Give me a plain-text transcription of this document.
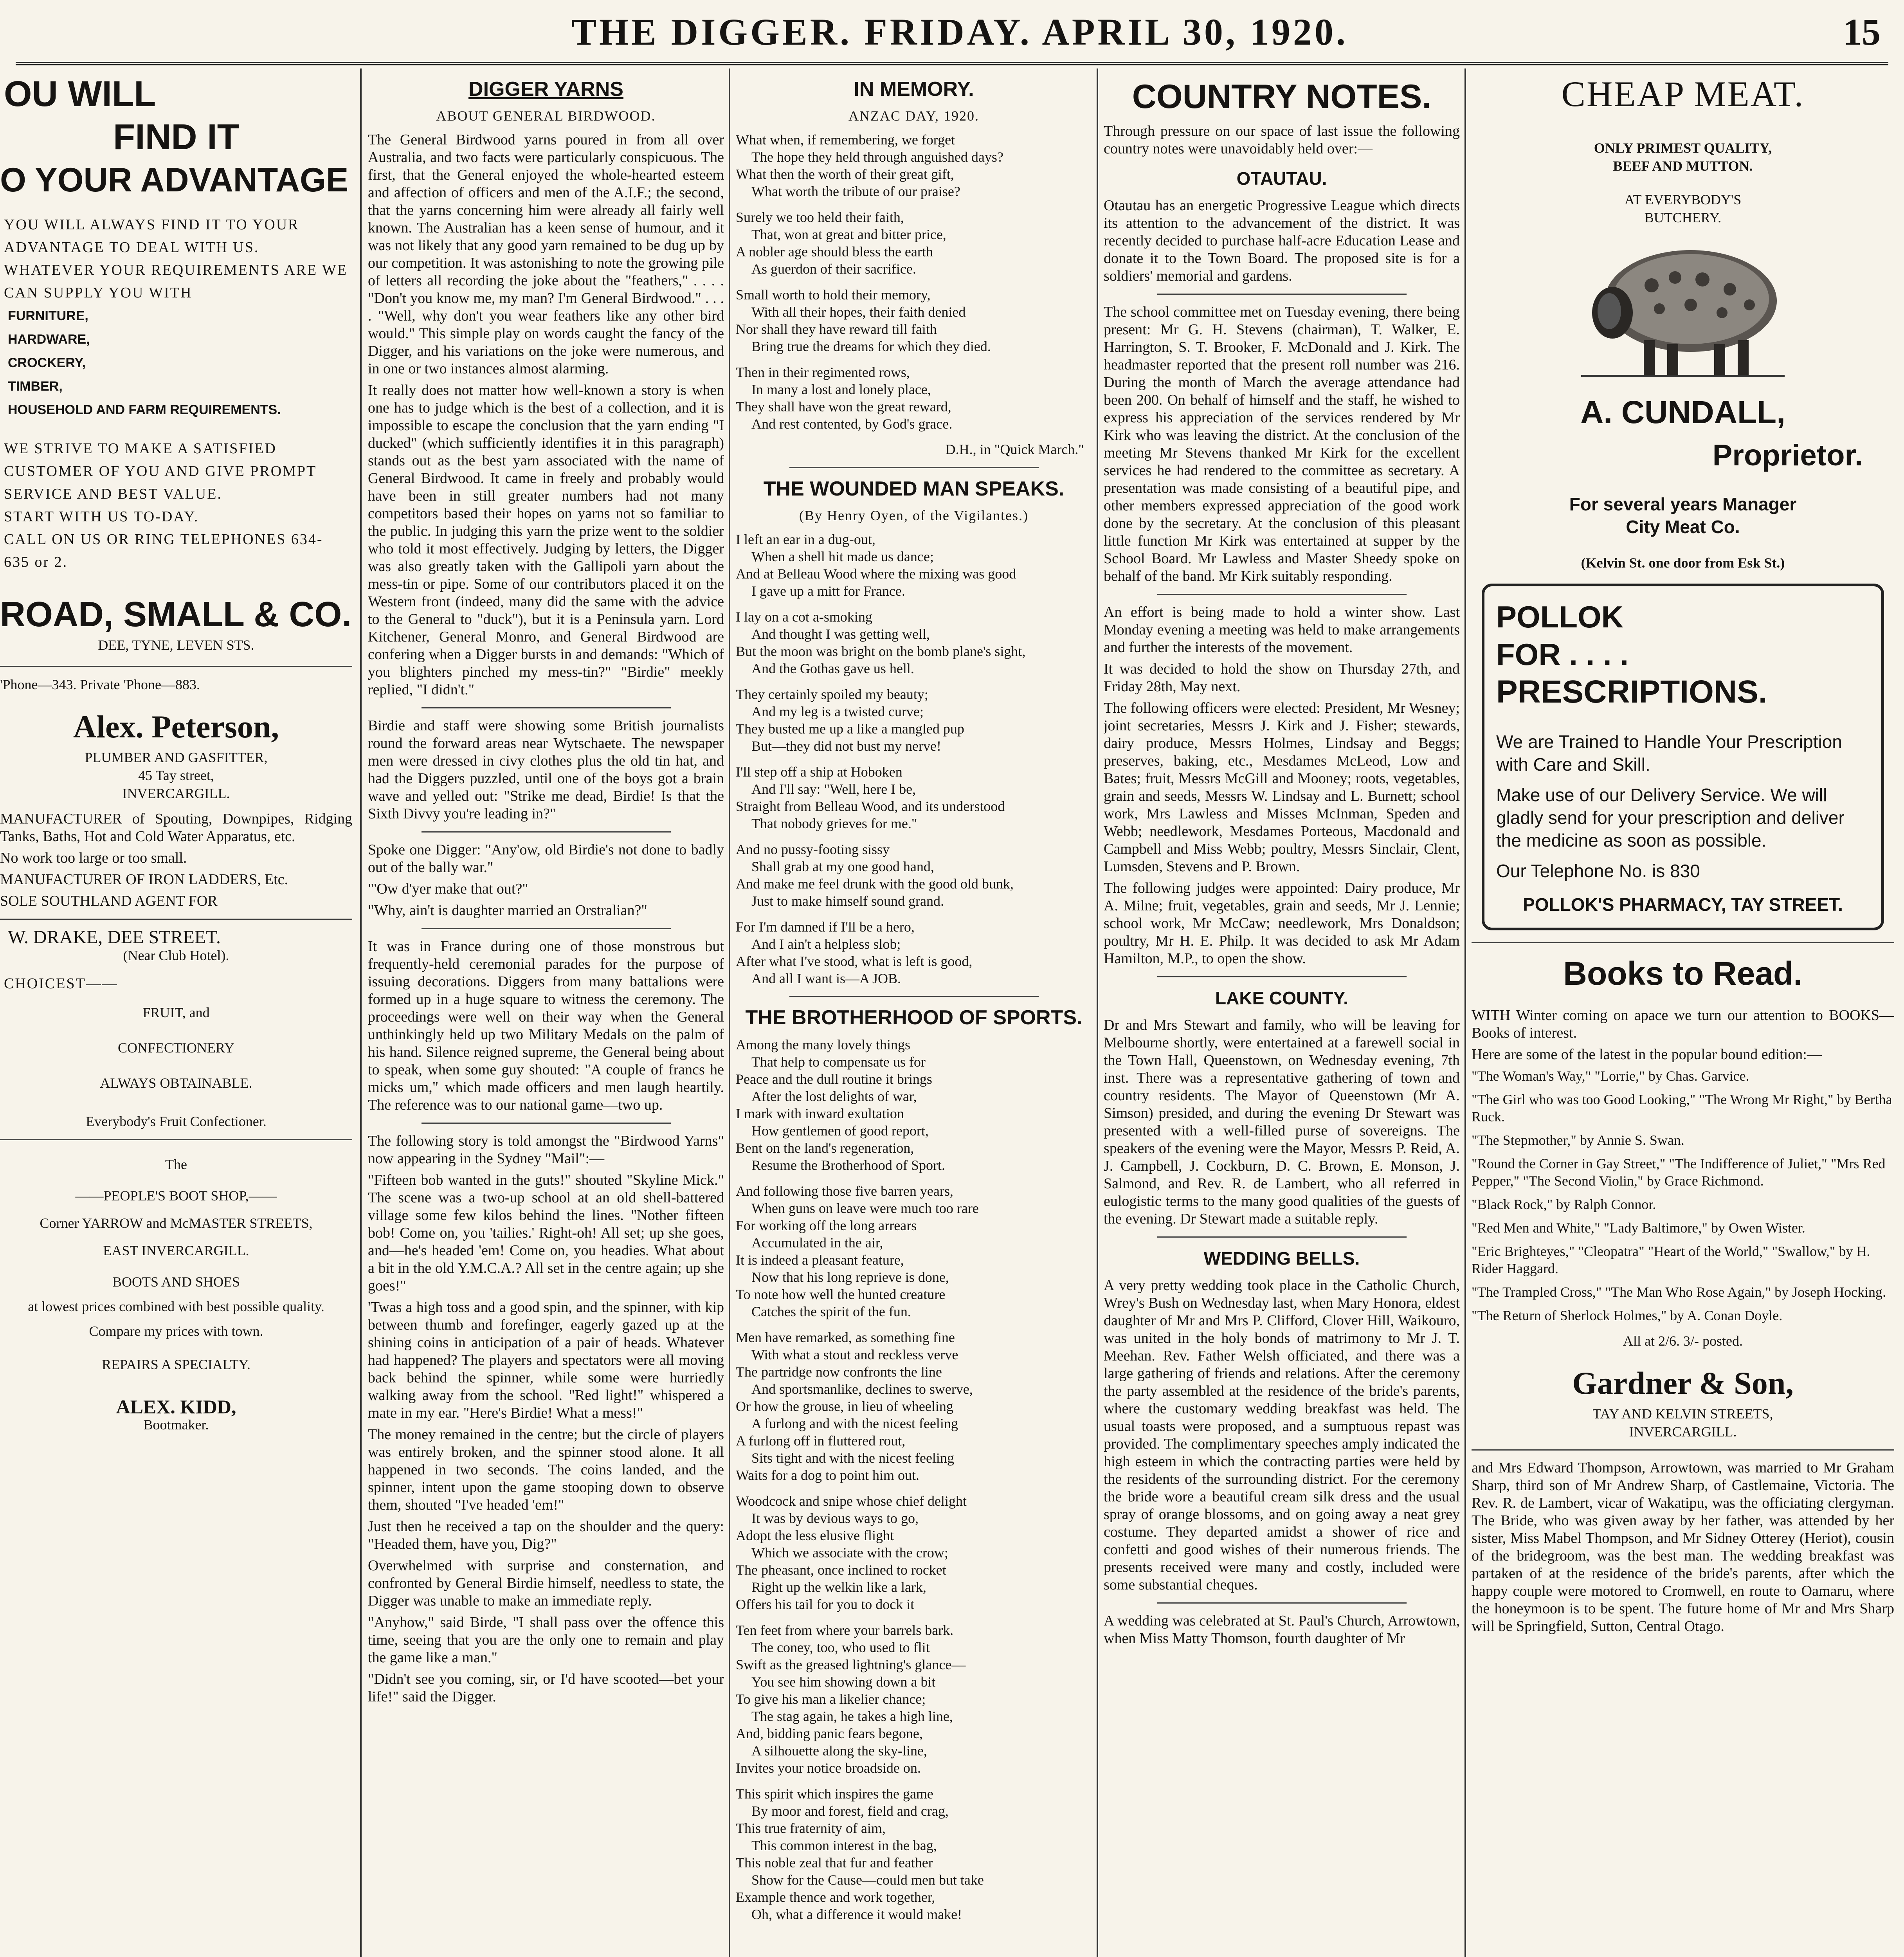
THE DIGGER. FRIDAY. APRIL 30, 1920.	15
OU WILL
FIND IT
O YOUR ADVANTAGE
YOU WILL ALWAYS FIND IT TO YOUR ADVANTAGE TO DEAL WITH US. WHATEVER YOUR REQUIREMENTS ARE WE CAN SUPPLY YOU WITH
FURNITURE,
HARDWARE,
CROCKERY,
TIMBER,
HOUSEHOLD AND FARM REQUIREMENTS.
WE STRIVE TO MAKE A SATISFIED CUSTOMER OF YOU AND GIVE PROMPT SERVICE AND BEST VALUE.
START WITH US TO-DAY.
CALL ON US OR RING TELEPHONES 634-635 or 2.
ROAD, SMALL & CO.
DEE, TYNE, LEVEN STS.
'Phone—343. Private 'Phone—883.
Alex. Peterson,
PLUMBER AND GASFITTER,
45 Tay street,
INVERCARGILL.

MANUFACTURER of Spouting, Downpipes, Ridging Tanks, Baths, Hot and Cold Water Apparatus, etc.

No work too large or too small.

MANUFACTURER OF IRON LADDERS, Etc.

SOLE SOUTHLAND AGENT FOR

W. DRAKE, DEE STREET.
(Near Club Hotel).
CHOICEST——
FRUIT, and
CONFECTIONERY
ALWAYS OBTAINABLE.
Everybody's Fruit Confectioner.
The
——PEOPLE'S BOOT SHOP,——
Corner YARROW and McMASTER STREETS,
EAST INVERCARGILL.
BOOTS AND SHOES
at lowest prices combined with best possible quality.
Compare my prices with town.
REPAIRS A SPECIALTY.
ALEX. KIDD,
Bootmaker.
DIGGER YARNS
ABOUT GENERAL BIRDWOOD.

The General Birdwood yarns poured in from all over Australia, and two facts were particularly conspicuous. The first, that the General enjoyed the whole-hearted esteem and affection of officers and men of the A.I.F.; the second, that the yarns concerning him were already all fairly well known. The Australian has a keen sense of humour, and it was not likely that any good yarn remained to be dug up by our competition. It was astonishing to note the growing pile of letters all recording the joke about the "feathers," . . . . "Don't you know me, my man? I'm General Birdwood." . . . . "Well, why don't you wear feathers like any other bird would." This simple play on words caught the fancy of the Digger, and his variations on the joke were numerous, and in one or two instances almost alarming.

It really does not matter how well-known a story is when one has to judge which is the best of a collection, and it is impossible to escape the conclusion that the yarn ending "I ducked" (which sufficiently identifies it in this paragraph) stands out as the best yarn associated with the name of General Birdwood. It came in freely and probably would have been in still greater numbers had not many competitors based their hopes on yarns not so familiar to the public. In judging this yarn the prize went to the soldier who told it most effectively. Judging by letters, the Digger was also greatly taken with the Gallipoli yarn about the mess-tin or pipe. Some of our contributors placed it on the Western front (indeed, many did the same with the advice to the General to "duck"), but it is a Peninsula yarn. Lord Kitchener, General Monro, and General Birdwood are confering when a Digger bursts in and demands: "Which of you blighters pinched my mess-tin?" "Birdie" meekly replied, "I didn't."

Birdie and staff were showing some British journalists round the forward areas near Wytschaete. The newspaper men were dressed in civy clothes plus the old tin hat, and had the Diggers puzzled, until one of the boys got a brain wave and yelled out: "Strike me dead, Birdie! Is that the Sixth Divvy you're leading in?"

Spoke one Digger: "Any'ow, old Birdie's not done to badly out of the bally war."

"'Ow d'yer make that out?"

"Why, ain't is daughter married an Orstralian?"

It was in France during one of those monstrous but frequently-held ceremonial parades for the purpose of issuing decorations. Diggers from many battalions were formed up in a huge square to witness the ceremony. The proceedings were well on their way when the General unthinkingly held up two Military Medals on the palm of his hand. Silence reigned supreme, the General being about to speak, when some guy shouted: "A couple of francs he micks um," which made officers and men laugh heartily. The reference was to our national game—two up.

The following story is told amongst the "Birdwood Yarns" now appearing in the Sydney "Mail":—

"Fifteen bob wanted in the guts!" shouted "Skyline Mick." The scene was a two-up school at an old shell-battered village some few kilos behind the lines. "Nother fifteen bob! Come on, you 'tailies.' Right-oh! All set; up she goes, and—he's headed 'em! Come on, you headies. What about a bit in the old Y.M.C.A.? All set in the centre again; up she goes!"

'Twas a high toss and a good spin, and the spinner, with kip between thumb and forefinger, eagerly gazed up at the shining coins in anticipation of a pair of heads. Whatever had happened? The players and spectators were all moving back behind the spinner, while some were hurriedly walking away from the school. "Red light!" whispered a mate in my ear. "Here's Birdie! What a mess!"

The money remained in the centre; but the circle of players was entirely broken, and the spinner stood alone. It all happened in two seconds. The coins landed, and the spinner, intent upon the game stooping down to observe them, shouted "I've headed 'em!"

Just then he received a tap on the shoulder and the query: "Headed them, have you, Dig?"

Overwhelmed with surprise and consternation, and confronted by General Birdie himself, needless to state, the Digger was unable to make an immediate reply.

"Anyhow," said Birde, "I shall pass over the offence this time, seeing that you are the only one to remain and play the game like a man."

"Didn't see you coming, sir, or I'd have scooted—bet your life!" said the Digger.

IN MEMORY.
ANZAC DAY, 1920.
What when, if remembering, we forget
The hope they held through anguished days?
What then the worth of their great gift,
What worth the tribute of our praise?
Surely we too held their faith,
That, won at great and bitter price,
A nobler age should bless the earth
As guerdon of their sacrifice.
Small worth to hold their memory,
With all their hopes, their faith denied
Nor shall they have reward till faith
Bring true the dreams for which they died.
Then in their regimented rows,
In many a lost and lonely place,
They shall have won the great reward,
And rest contented, by God's grace.
D.H., in "Quick March."
THE WOUNDED MAN SPEAKS.
(By Henry Oyen, of the Vigilantes.)
I left an ear in a dug-out,
When a shell hit made us dance;
And at Belleau Wood where the mixing was good
I gave up a mitt for France.
I lay on a cot a-smoking
And thought I was getting well,
But the moon was bright on the bomb plane's sight,
And the Gothas gave us hell.
They certainly spoiled my beauty;
And my leg is a twisted curve;
They busted me up a like a mangled pup
But—they did not bust my nerve!
I'll step off a ship at Hoboken
And I'll say: "Well, here I be,
Straight from Belleau Wood, and its understood
That nobody grieves for me."
And no pussy-footing sissy
Shall grab at my one good hand,
And make me feel drunk with the good old bunk,
Just to make himself sound grand.
For I'm damned if I'll be a hero,
And I ain't a helpless slob;
After what I've stood, what is left is good,
And all I want is—A JOB.
THE BROTHERHOOD OF SPORTS.
Among the many lovely things
That help to compensate us for
Peace and the dull routine it brings
After the lost delights of war,
I mark with inward exultation
How gentlemen of good report,
Bent on the land's regeneration,
Resume the Brotherhood of Sport.
And following those five barren years,
When guns on leave were much too rare
For working off the long arrears
Accumulated in the air,
It is indeed a pleasant feature,
Now that his long reprieve is done,
To note how well the hunted creature
Catches the spirit of the fun.
Men have remarked, as something fine
With what a stout and reckless verve
The partridge now confronts the line
And sportsmanlike, declines to swerve,
Or how the grouse, in lieu of wheeling
A furlong and with the nicest feeling
A furlong off in fluttered rout,
Sits tight and with the nicest feeling
Waits for a dog to point him out.
Woodcock and snipe whose chief delight
It was by devious ways to go,
Adopt the less elusive flight
Which we associate with the crow;
The pheasant, once inclined to rocket
Right up the welkin like a lark,
Offers his tail for you to dock it
Ten feet from where your barrels bark.
The coney, too, who used to flit
Swift as the greased lightning's glance—
You see him showing down a bit
To give his man a likelier chance;
The stag again, he takes a high line,
And, bidding panic fears begone,
A silhouette along the sky-line,
Invites your notice broadside on.
This spirit which inspires the game
By moor and forest, field and crag,
This true fraternity of aim,
This common interest in the bag,
This noble zeal that fur and feather
Show for the Cause—could men but take
Example thence and work together,
Oh, what a difference it would make!
COUNTRY NOTES.

Through pressure on our space of last issue the following country notes were unavoidably held over:—

OTAUTAU.

Otautau has an energetic Progressive League which directs its attention to the advancement of the district. It was recently decided to purchase half-acre Education Lease and donate it to the Town Board. The proposed site is for a soldiers' memorial and gardens.

The school committee met on Tuesday evening, there being present: Mr G. H. Stevens (chairman), T. Walker, E. Harrington, S. T. Brooker, F. McDonald and J. Kirk. The headmaster reported that the present roll number was 216. During the month of March the average attendance had been 200. On behalf of himself and the staff, he wished to express his appreciation of the services rendered by Mr Kirk who was leaving the district. At the conclusion of the meeting Mr Stevens thanked Mr Kirk for the excellent services he had rendered to the committee as secretary. A presentation was made consisting of a beautiful pipe, and other members expressed appreciation of the good work done by the secretary. At the conclusion of this pleasant little function Mr Kirk was entertained at supper by the School Board. Mr Lawless and Master Sheedy spoke on behalf of the band. Mr Kirk suitably responding.

An effort is being made to hold a winter show. Last Monday evening a meeting was held to make arrangements and further the interests of the movement.

It was decided to hold the show on Thursday 27th, and Friday 28th, May next.

The following officers were elected: President, Mr Wesney; joint secretaries, Messrs J. Kirk and J. Fisher; stewards, dairy produce, Messrs Holmes, Lindsay and Beggs; preserves, baking, etc., Mesdames McLeod, Low and Bates; fruit, Messrs McGill and Mooney; roots, vegetables, grain and seeds, Messrs W. Lindsay and L. Burnett; school work, Mrs Lawless and Misses McInman, Speden and Webb; needlework, Mesdames Porteous, Macdonald and Campbell and Miss Webb; poultry, Messrs Sinclair, Clent, Lumsden, Stevens and P. Brown.

The following judges were appointed: Dairy produce, Mr A. Milne; fruit, vegetables, grain and seeds, Mr J. Lennie; school work, Mr McCaw; needlework, Mrs Donaldson; poultry, Mr H. E. Philp. It was decided to ask Mr Adam Hamilton, M.P., to open the show.

LAKE COUNTY.

Dr and Mrs Stewart and family, who will be leaving for Melbourne shortly, were entertained at a farewell social in the Town Hall, Queenstown, on Wednesday evening, 7th inst. There was a representative gathering of town and country residents. The Mayor of Queenstown (Mr A. Simson) presided, and during the evening Dr Stewart was presented with a well-filled purse of sovereigns. The speakers of the evening were the Mayor, Messrs P. Reid, A. J. Campbell, J. Cockburn, D. C. Brown, E. Monson, J. Salmond, and Rev. R. de Lambert, who all referred in eulogistic terms to the many good qualities of the guests of the evening. Dr Stewart made a suitable reply.

WEDDING BELLS.

A very pretty wedding took place in the Catholic Church, Wrey's Bush on Wednesday last, when Mary Honora, eldest daughter of Mr and Mrs P. Clifford, Clover Hill, Waikouro, was united in the holy bonds of matrimony to Mr J. T. Meehan. Rev. Father Welsh officiated, and there was a large gathering of friends and relations. After the ceremony the party assembled at the residence of the bride's parents, where the customary wedding breakfast was held. The usual toasts were proposed, and a sumptuous repast was provided. The complimentary speeches amply indicated the high esteem in which the contracting parties were held by the residents of the surrounding district. For the ceremony the bride wore a beautiful cream silk dress and the usual spray of orange blossoms, and on going away a neat grey costume. They departed amidst a shower of rice and confetti and good wishes of their numerous friends. The presents received were many and costly, included were some substantial cheques.

A wedding was celebrated at St. Paul's Church, Arrowtown, when Miss Matty Thomson, fourth daughter of Mr

CHEAP MEAT.
ONLY PRIMEST QUALITY,
BEEF AND MUTTON.
AT EVERYBODY'S
BUTCHERY.
A. CUNDALL,
Proprietor.
For several years Manager
City Meat Co.
(Kelvin St. one door from Esk St.)
POLLOK
FOR . . . .
PRESCRIPTIONS.
We are Trained to Handle Your Prescription with Care and Skill.
Make use of our Delivery Service. We will gladly send for your prescription and deliver the medicine as soon as possible.
Our Telephone No. is 830
POLLOK'S PHARMACY, TAY STREET.
Books to Read.

WITH Winter coming on apace we turn our attention to BOOKS—Books of interest.

Here are some of the latest in the popular bound edition:—

"The Woman's Way," "Lorrie," by Chas. Garvice.
"The Girl who was too Good Looking," "The Wrong Mr Right," by Bertha Ruck.
"The Stepmother," by Annie S. Swan.
"Round the Corner in Gay Street," "The Indifference of Juliet," "Mrs Red Pepper," "The Second Violin," by Grace Richmond.
"Black Rock," by Ralph Connor.
"Red Men and White," "Lady Baltimore," by Owen Wister.
"Eric Brighteyes," "Cleopatra" "Heart of the World," "Swallow," by H. Rider Haggard.
"The Trampled Cross," "The Man Who Rose Again," by Joseph Hocking.
"The Return of Sherlock Holmes," by A. Conan Doyle.
All at 2/6. 3/- posted.
Gardner & Son,
TAY AND KELVIN STREETS,
INVERCARGILL.

and Mrs Edward Thompson, Arrowtown, was married to Mr Graham Sharp, third son of Mr Andrew Sharp, of Castlemaine, Victoria. The Rev. R. de Lambert, vicar of Wakatipu, was the officiating clergyman. The Bride, who was given away by her father, was attended by her sister, Miss Mabel Thompson, and Mr Sidney Otterey (Heriot), cousin of the bridegroom, was the best man. The wedding breakfast was partaken of at the residence of the bride's parents, after which the happy couple were motored to Cromwell, en route to Oamaru, where the honeymoon is to be spent. The future home of Mr and Mrs Sharp will be Springfield, Sutton, Central Otago.
